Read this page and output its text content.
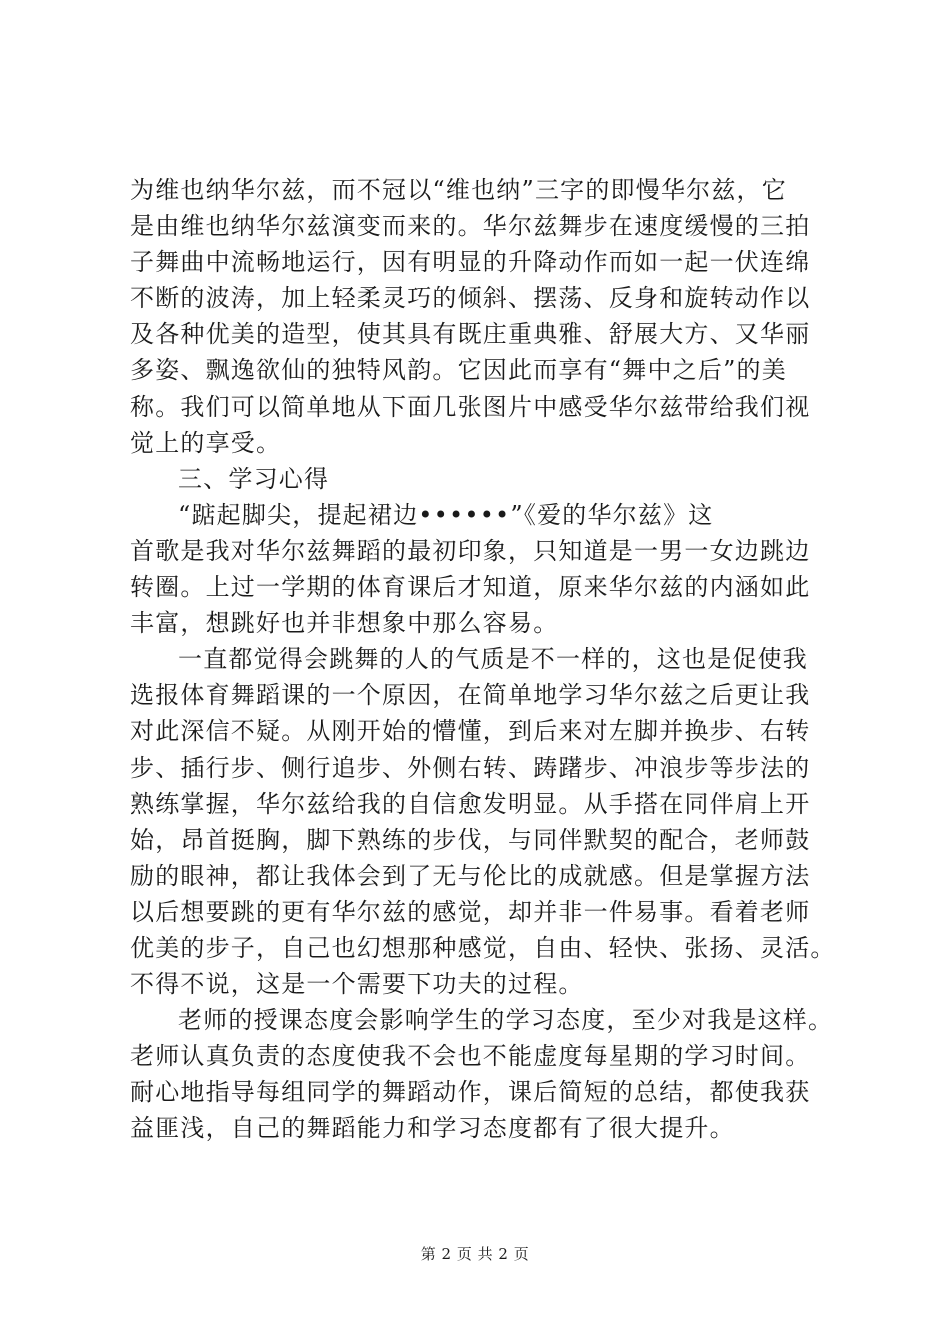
为维也纳华尔兹，而不冠以“维也纳”三字的即慢华尔兹，它
是由维也纳华尔兹演变而来的。华尔兹舞步在速度缓慢的三拍
子舞曲中流畅地运行，因有明显的升降动作而如一起一伏连绵
不断的波涛，加上轻柔灵巧的倾斜、摆荡、反身和旋转动作以
及各种优美的造型，使其具有既庄重典雅、舒展大方、又华丽
多姿、飘逸欲仙的独特风韵。它因此而享有“舞中之后”的美
称。我们可以简单地从下面几张图片中感受华尔兹带给我们视
觉上的享受。
三、学习心得
“踮起脚尖，提起裙边••••••”《爱的华尔兹》这
首歌是我对华尔兹舞蹈的最初印象，只知道是一男一女边跳边
转圈。上过一学期的体育课后才知道，原来华尔兹的内涵如此
丰富，想跳好也并非想象中那么容易。
一直都觉得会跳舞的人的气质是不一样的，这也是促使我
选报体育舞蹈课的一个原因，在简单地学习华尔兹之后更让我
对此深信不疑。从刚开始的懵懂，到后来对左脚并换步、右转
步、插行步、侧行追步、外侧右转、踌躇步、冲浪步等步法的
熟练掌握，华尔兹给我的自信愈发明显。从手搭在同伴肩上开
始，昂首挺胸，脚下熟练的步伐，与同伴默契的配合，老师鼓
励的眼神，都让我体会到了无与伦比的成就感。但是掌握方法
以后想要跳的更有华尔兹的感觉，却并非一件易事。看着老师
优美的步子，自己也幻想那种感觉，自由、轻快、张扬、灵活。
不得不说，这是一个需要下功夫的过程。
老师的授课态度会影响学生的学习态度，至少对我是这样。
老师认真负责的态度使我不会也不能虚度每星期的学习时间。
耐心地指导每组同学的舞蹈动作，课后简短的总结，都使我获
益匪浅，自己的舞蹈能力和学习态度都有了很大提升。
第 2 页 共 2 页
